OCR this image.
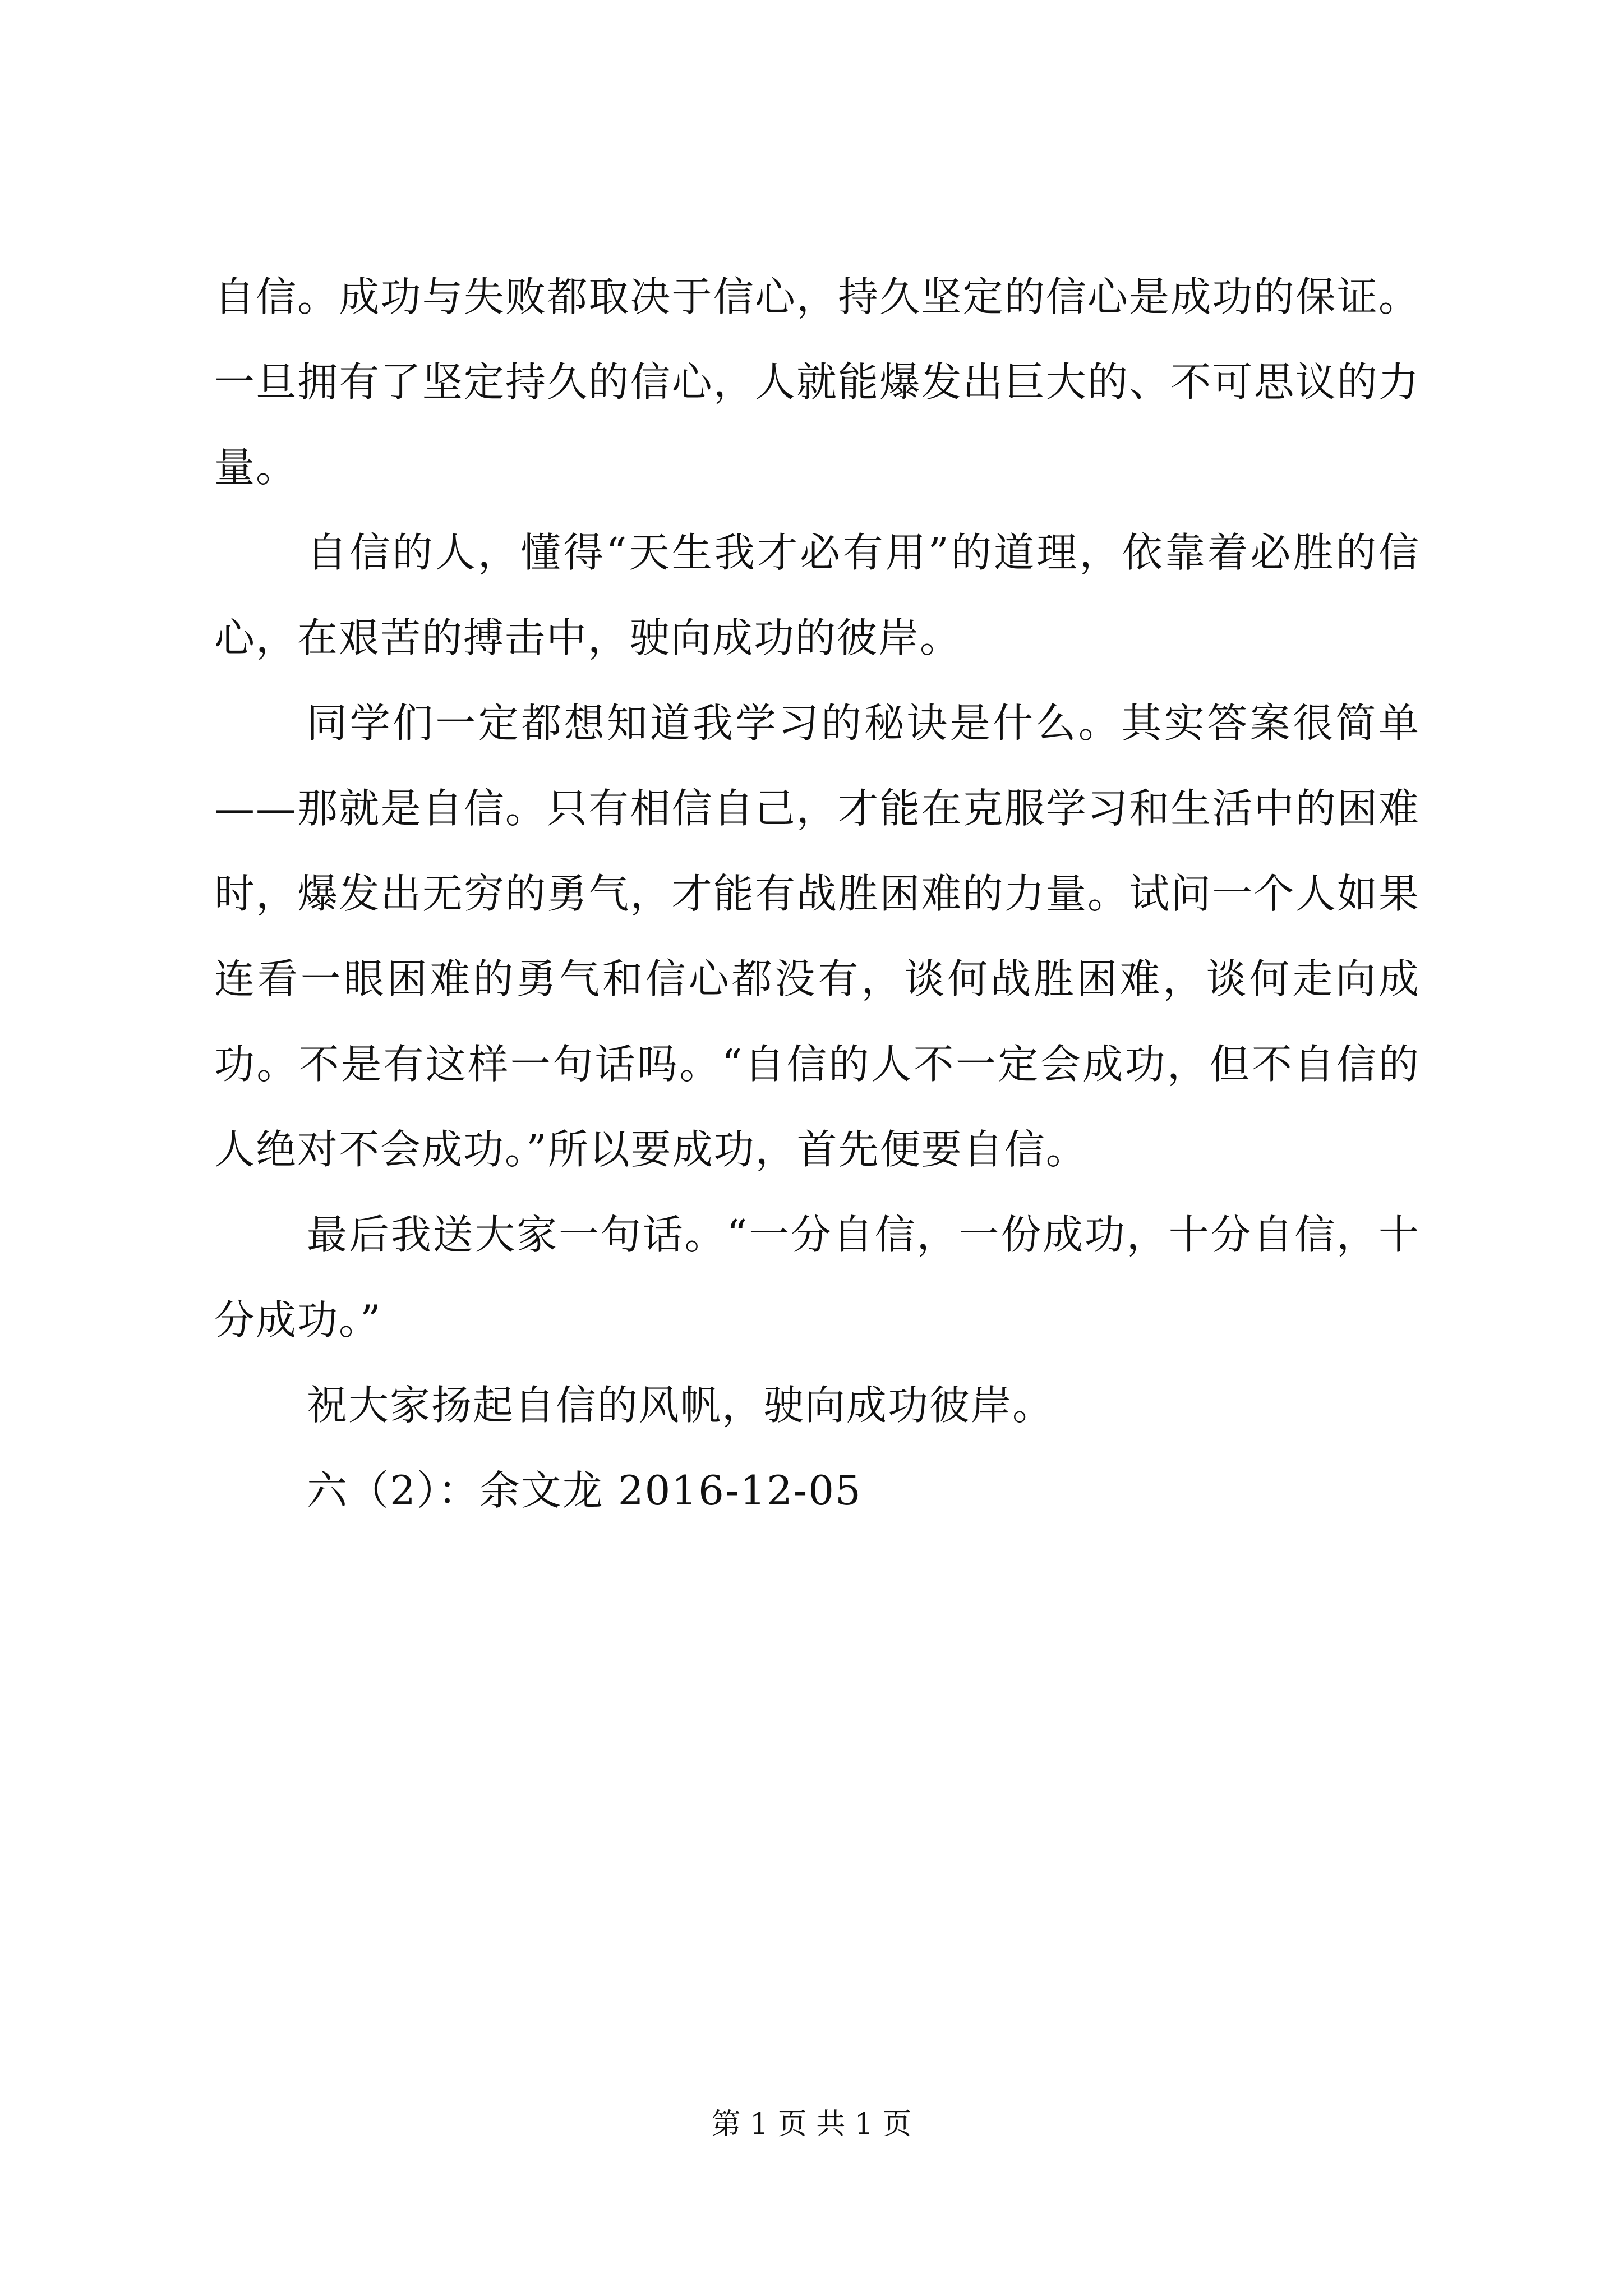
自信。成功与失败都取决于信心，持久坚定的信心是成功的保证。一旦拥有了坚定持久的信心，人就能爆发出巨大的、不可思议的力量。

自信的人，懂得“天生我才必有用”的道理，依靠着必胜的信心，在艰苦的搏击中，驶向成功的彼岸。

同学们一定都想知道我学习的秘诀是什么。其实答案很简单——那就是自信。只有相信自己，才能在克服学习和生活中的困难时，爆发出无穷的勇气，才能有战胜困难的力量。试问一个人如果连看一眼困难的勇气和信心都没有，谈何战胜困难，谈何走向成功。不是有这样一句话吗。“自信的人不一定会成功，但不自信的人绝对不会成功。”所以要成功，首先便要自信。

最后我送大家一句话。“一分自信，一份成功，十分自信，十分成功。”

祝大家扬起自信的风帆，驶向成功彼岸。

六（2）：余文龙 2016-12-05

第 1 页 共 1 页
